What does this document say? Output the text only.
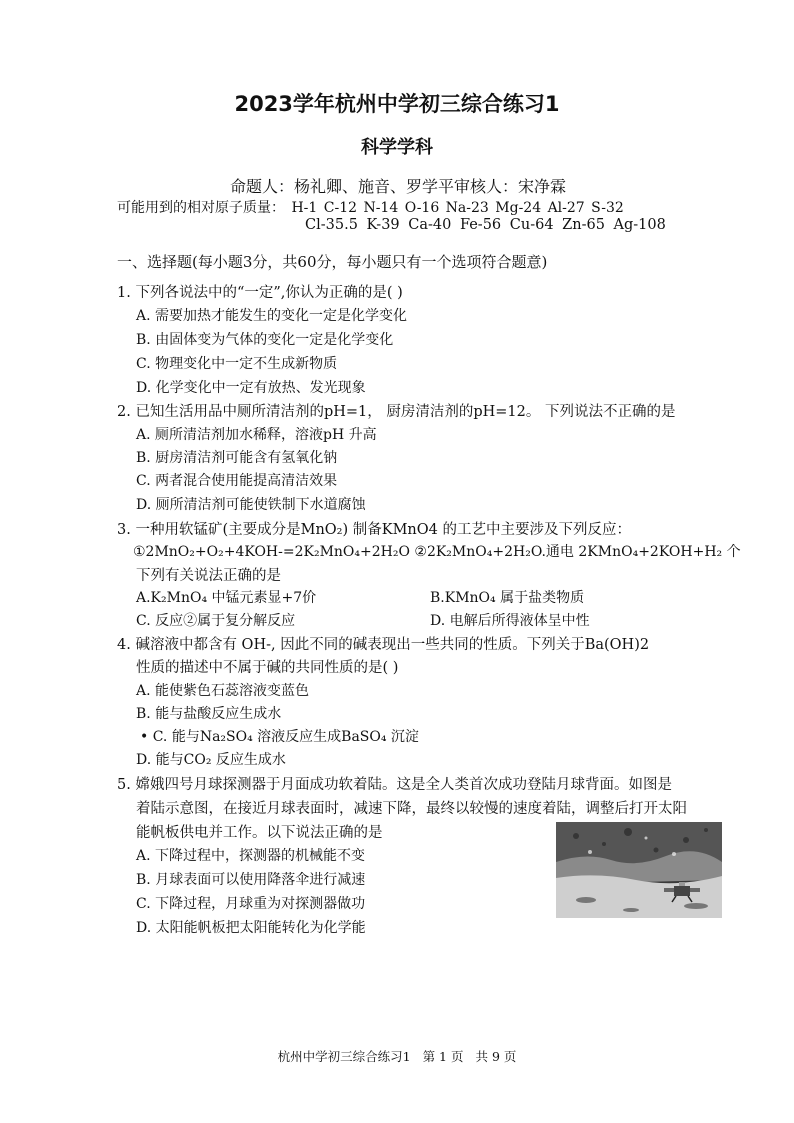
2023学年杭州中学初三综合练习1
科学学科
命题人：杨礼卿、施音、罗学平审核人：宋净霖
可能用到的相对原子质量： H-1 C-12 N-14 O-16 Na-23 Mg-24 Al-27 S-32
Cl-35.5 K-39 Ca-40 Fe-56 Cu-64 Zn-65 Ag-108
一、选择题(每小题3分，共60分，每小题只有一个选项符合题意)
1. 下列各说法中的“一定”,你认为正确的是( )
A. 需要加热才能发生的变化一定是化学变化
B. 由固体变为气体的变化一定是化学变化
C. 物理变化中一定不生成新物质
D. 化学变化中一定有放热、发光现象
2. 已知生活用品中厕所清洁剂的pH=1， 厨房清洁剂的pH=12。 下列说法不正确的是
A. 厕所清洁剂加水稀释，溶液pH 升高
B. 厨房清洁剂可能含有氢氧化钠
C. 两者混合使用能提高清洁效果
D. 厕所清洁剂可能使铁制下水道腐蚀
3. 一种用软锰矿(主要成分是MnO₂) 制备KMnO4 的工艺中主要涉及下列反应：
①2MnO₂+O₂+4KOH-=2K₂MnO₄+2H₂O ②2K₂MnO₄+2H₂O.通电 2KMnO₄+2KOH+H₂ 个
下列有关说法正确的是
A.K₂MnO₄ 中锰元素显+7价	B.KMnO₄ 属于盐类物质
C. 反应②属于复分解反应	D. 电解后所得液体呈中性
4. 碱溶液中都含有 OH-, 因此不同的碱表现出一些共同的性质。下列关于Ba(OH)2
性质的描述中不属于碱的共同性质的是( )
A. 能使紫色石蕊溶液变蓝色
B. 能与盐酸反应生成水
• C. 能与Na₂SO₄ 溶液反应生成BaSO₄ 沉淀
D. 能与CO₂ 反应生成水
5. 嫦娥四号月球探测器于月面成功软着陆。这是全人类首次成功登陆月球背面。如图是
着陆示意图，在接近月球表面时，减速下降，最终以较慢的速度着陆，调整后打开太阳
能帆板供电并工作。以下说法正确的是
A. 下降过程中，探测器的机械能不变
B. 月球表面可以使用降落伞进行减速
C. 下降过程，月球重为对探测器做功
D. 太阳能帆板把太阳能转化为化学能
杭州中学初三综合练习1 第 1 页 共 9 页
